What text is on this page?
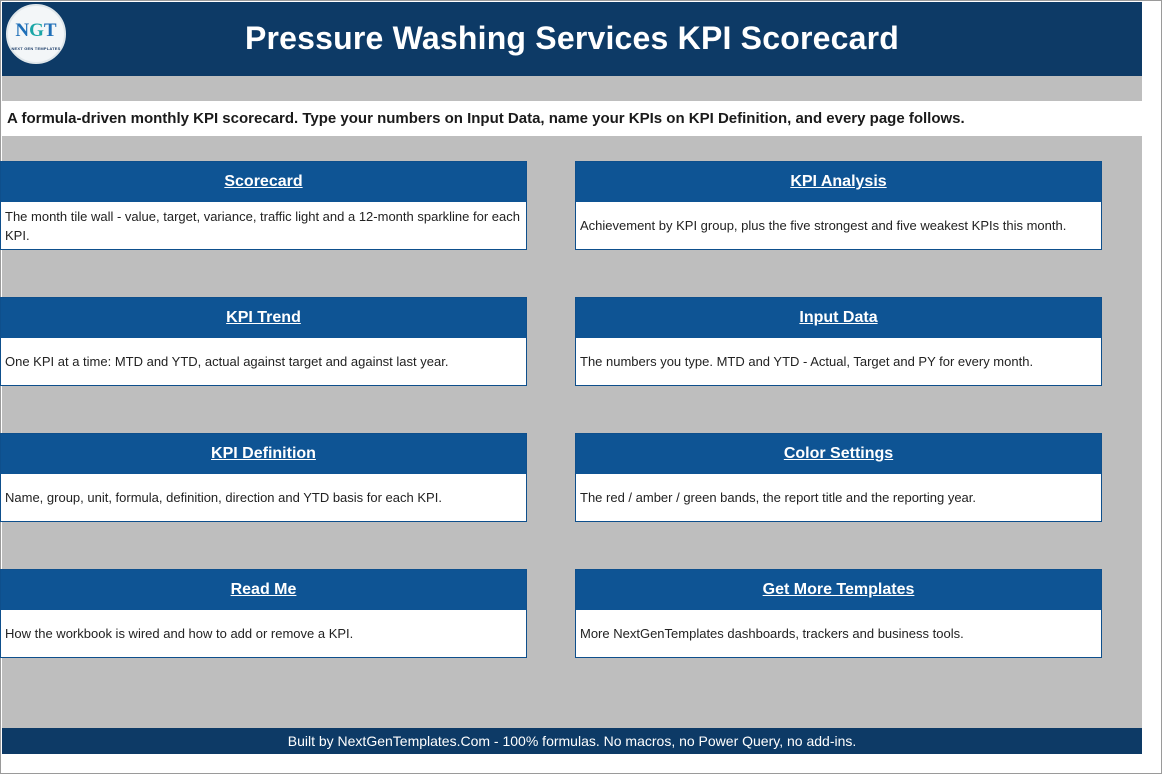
NGT
NEXT GEN TEMPLATES	Pressure Washing Services KPI Scorecard
A formula-driven monthly KPI scorecard. Type your numbers on Input Data, name your KPIs on KPI Definition, and every page follows.
Scorecard
The month tile wall - value, target, variance, traffic light and a 12-month sparkline for each KPI.
KPI Analysis
Achievement by KPI group, plus the five strongest and five weakest KPIs this month.
KPI Trend
One KPI at a time: MTD and YTD, actual against target and against last year.
Input Data
The numbers you type. MTD and YTD - Actual, Target and PY for every month.
KPI Definition
Name, group, unit, formula, definition, direction and YTD basis for each KPI.
Color Settings
The red / amber / green bands, the report title and the reporting year.
Read Me
How the workbook is wired and how to add or remove a KPI.
Get More Templates
More NextGenTemplates dashboards, trackers and business tools.
Built by NextGenTemplates.Com - 100% formulas. No macros, no Power Query, no add-ins.
